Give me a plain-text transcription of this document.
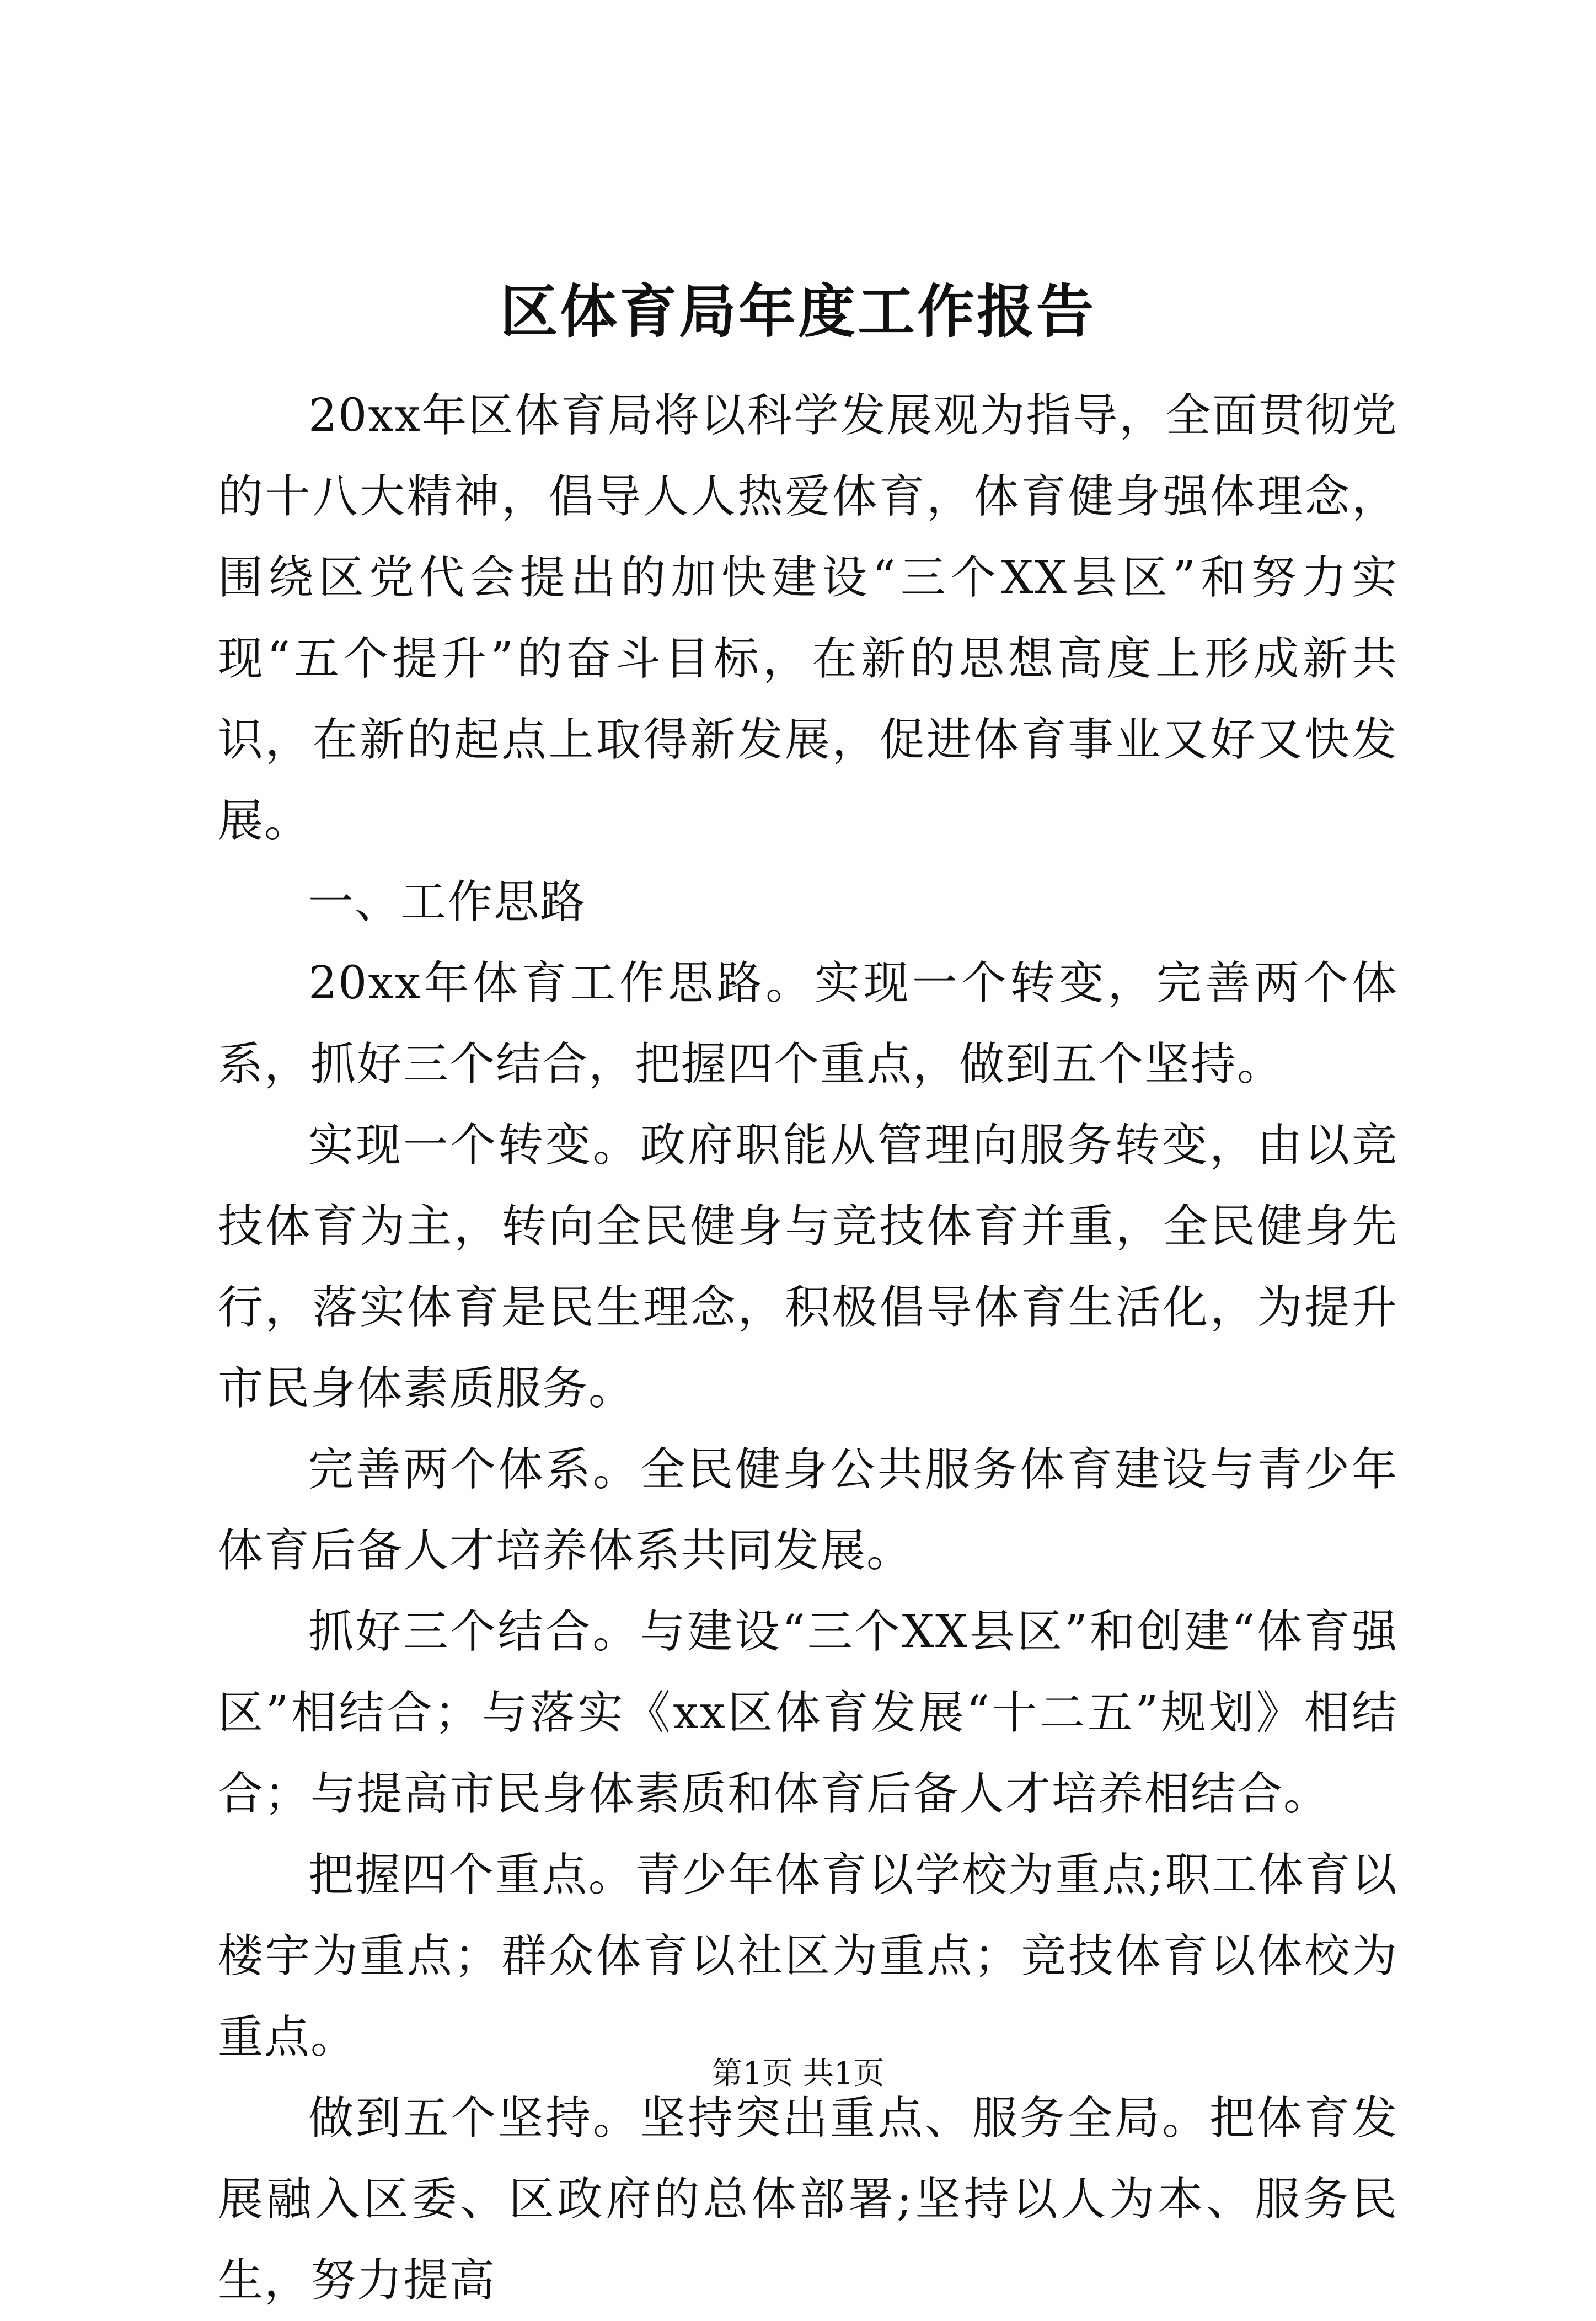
区体育局年度工作报告

20xx年区体育局将以科学发展观为指导，全面贯彻党的十八大精神，倡导人人热爱体育，体育健身强体理念，围绕区党代会提出的加快建设“三个XX县区”和努力实现“五个提升”的奋斗目标，在新的思想高度上形成新共识，在新的起点上取得新发展，促进体育事业又好又快发展。

一、工作思路

20xx年体育工作思路。实现一个转变，完善两个体系，抓好三个结合，把握四个重点，做到五个坚持。

实现一个转变。政府职能从管理向服务转变，由以竞技体育为主，转向全民健身与竞技体育并重，全民健身先行，落实体育是民生理念，积极倡导体育生活化，为提升市民身体素质服务。

完善两个体系。全民健身公共服务体育建设与青少年体育后备人才培养体系共同发展。

抓好三个结合。与建设“三个XX县区”和创建“体育强区”相结合；与落实《xx区体育发展“十二五”规划》相结合；与提高市民身体素质和体育后备人才培养相结合。

把握四个重点。青少年体育以学校为重点;职工体育以楼宇为重点；群众体育以社区为重点；竞技体育以体校为重点。

做到五个坚持。坚持突出重点、服务全局。把体育发展融入区委、区政府的总体部署;坚持以人为本、服务民生，努力提高

第1页 共1页
